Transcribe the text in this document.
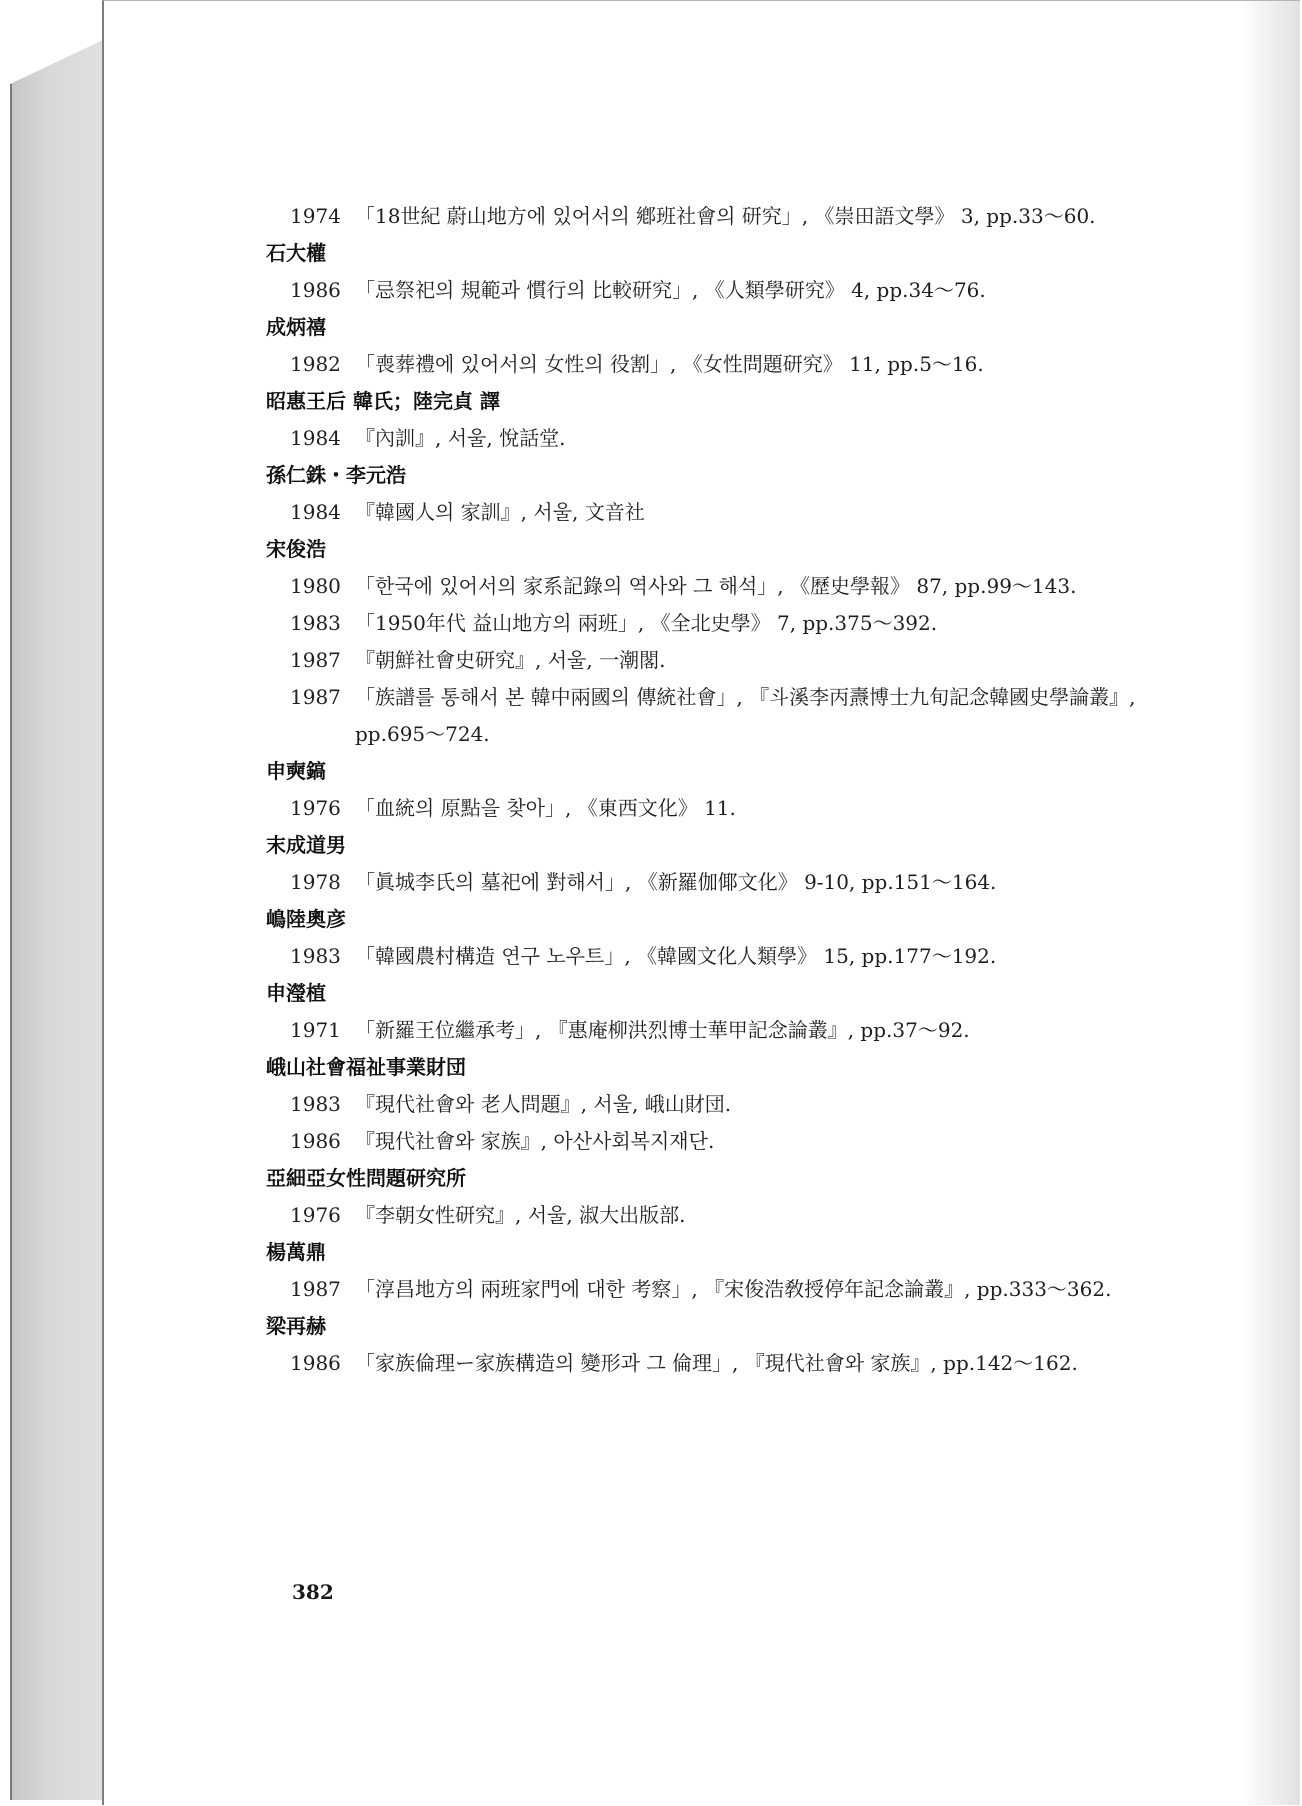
1974 「18世紀 蔚山地方에 있어서의 鄕班社會의 研究」, 《崇田語文學》 3, pp.33～60.
石大權
1986 「忌祭祀의 規範과 慣行의 比較研究」, 《人類學研究》 4, pp.34～76.
成炳禧
1982 「喪葬禮에 있어서의 女性의 役割」, 《女性問題研究》 11, pp.5～16.
昭惠王后 韓氏；陸完貞 譯
1984 『內訓』, 서울, 悅話堂.
孫仁銖・李元浩
1984 『韓國人의 家訓』, 서울, 文音社
宋俊浩
1980 「한국에 있어서의 家系記錄의 역사와 그 해석」, 《歷史學報》 87, pp.99～143.
1983 「1950年代 益山地方의 兩班」, 《全北史學》 7, pp.375～392.
1987 『朝鮮社會史研究』, 서울, 一潮閣.
1987 「族譜를 통해서 본 韓中兩國의 傳統社會」, 『斗溪李丙燾博士九旬記念韓國史學論叢』, pp.695～724.
申奭鎬
1976 「血統의 原點을 찾아」, 《東西文化》 11.
末成道男
1978 「眞城李氏의 墓祀에 對해서」, 《新羅伽倻文化》 9-10, pp.151～164.
嶋陸奧彦
1983 「韓國農村構造 연구 노우트」, 《韓國文化人類學》 15, pp.177～192.
申瀅植
1971 「新羅王位繼承考」, 『惠庵柳洪烈博士華甲記念論叢』, pp.37～92.
峨山社會福祉事業財団
1983 『現代社會와 老人問題』, 서울, 峨山財団.
1986 『現代社會와 家族』, 아산사회복지재단.
亞細亞女性問題研究所
1976 『李朝女性研究』, 서울, 淑大出版部.
楊萬鼎
1987 「淳昌地方의 兩班家門에 대한 考察」, 『宋俊浩敎授停年記念論叢』, pp.333～362.
梁再赫
1986 「家族倫理ー家族構造의 變形과 그 倫理」, 『現代社會와 家族』, pp.142～162.
382
